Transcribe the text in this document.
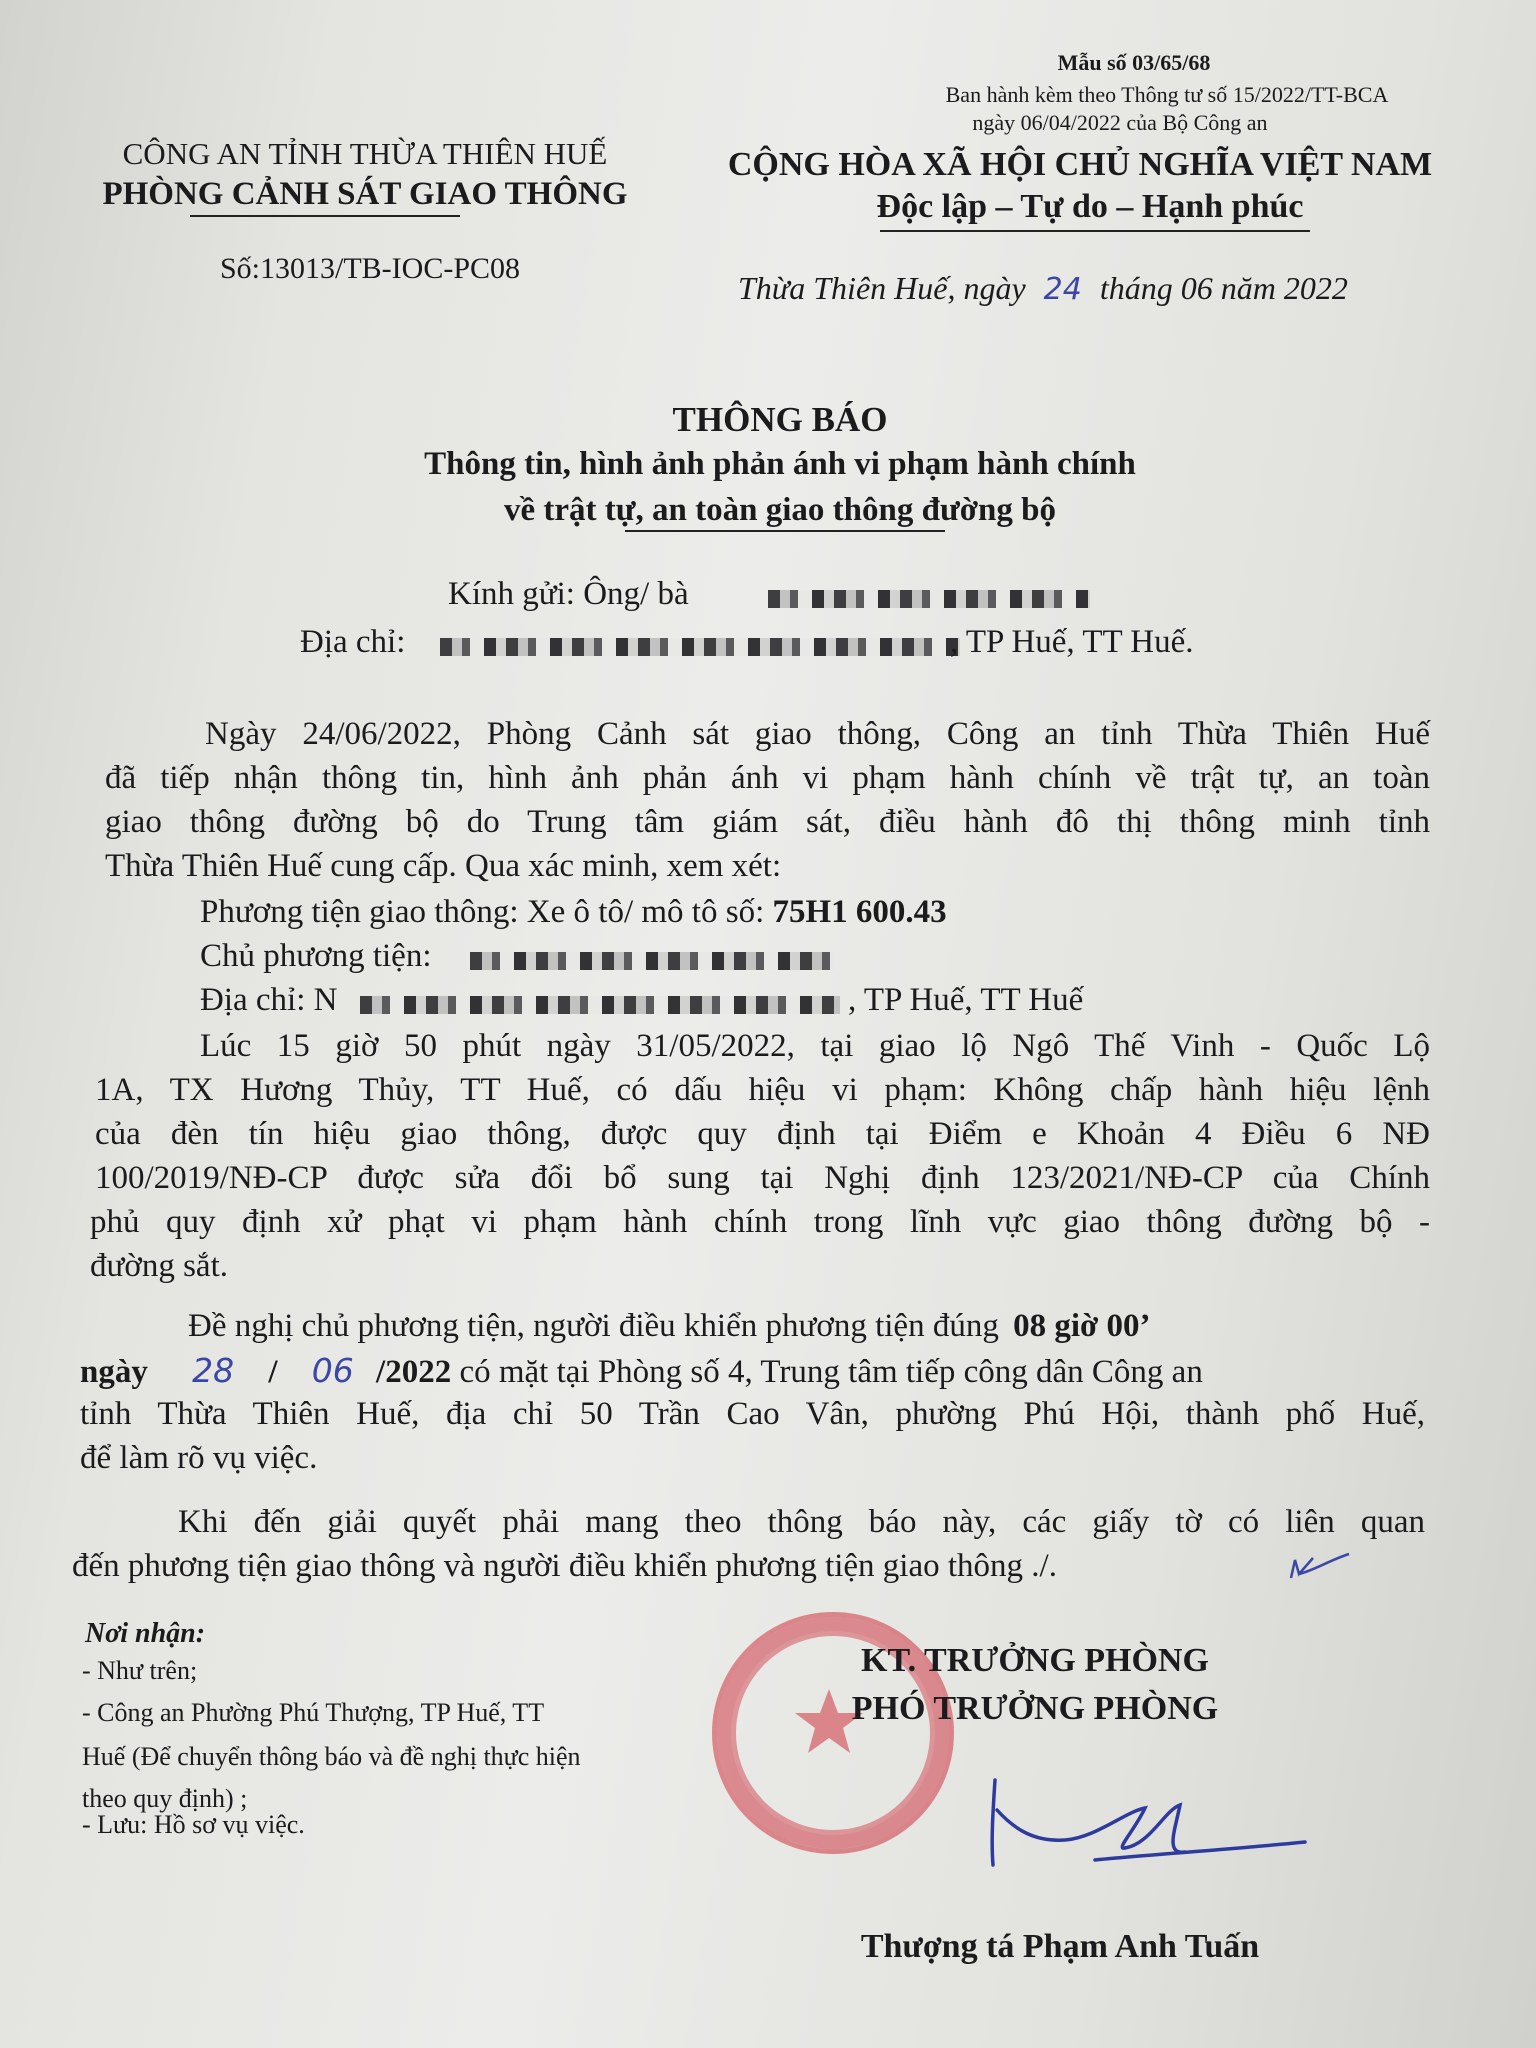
Mẫu số 03/65/68
Ban hành kèm theo Thông tư số 15/2022/TT-BCA
ngày 06/04/2022 của Bộ Công an
CÔNG AN TỈNH THỪA THIÊN HUẾ
PHÒNG CẢNH SÁT GIAO THÔNG
Số:13013/TB-IOC-PC08
CỘNG HÒA XÃ HỘI CHỦ NGHĨA VIỆT NAM
Độc lập – Tự do – Hạnh phúc
Thừa Thiên Huế, ngày 24 tháng 06 năm 2022
THÔNG BÁO
Thông tin, hình ảnh phản ánh vi phạm hành chính
về trật tự, an toàn giao thông đường bộ
Kính gửi: Ông/ bà
Địa chỉ:	, TP Huế, TT Huế.
Ngày 24/06/2022, Phòng Cảnh sát giao thông, Công an tỉnh Thừa Thiên Huế
đã tiếp nhận thông tin, hình ảnh phản ánh vi phạm hành chính về trật tự, an toàn
giao thông đường bộ do Trung tâm giám sát, điều hành đô thị thông minh tỉnh
Thừa Thiên Huế cung cấp. Qua xác minh, xem xét:
Phương tiện giao thông: Xe ô tô/ mô tô số: 75H1 600.43
Chủ phương tiện:
Địa chỉ: N	, TP Huế, TT Huế
Lúc 15 giờ 50 phút ngày 31/05/2022, tại giao lộ Ngô Thế Vinh - Quốc Lộ
1A, TX Hương Thủy, TT Huế, có dấu hiệu vi phạm: Không chấp hành hiệu lệnh
của đèn tín hiệu giao thông, được quy định tại Điểm e Khoản 4 Điều 6 NĐ
100/2019/NĐ-CP được sửa đổi bổ sung tại Nghị định 123/2021/NĐ-CP của Chính
phủ quy định xử phạt vi phạm hành chính trong lĩnh vực giao thông đường bộ -
đường sắt.
Đề nghị chủ phương tiện, người điều khiển phương tiện đúng 08 giờ 00’
ngày 28 / 06 /2022 có mặt tại Phòng số 4, Trung tâm tiếp công dân Công an
tỉnh Thừa Thiên Huế, địa chỉ 50 Trần Cao Vân, phường Phú Hội, thành phố Huế,
để làm rõ vụ việc.
Khi đến giải quyết phải mang theo thông báo này, các giấy tờ có liên quan
đến phương tiện giao thông và người điều khiển phương tiện giao thông ./.
Nơi nhận:
- Như trên;
- Công an Phường Phú Thượng, TP Huế, TT
Huế (Để chuyển thông báo và đề nghị thực hiện
theo quy định) ;
- Lưu: Hồ sơ vụ việc.
KT. TRƯỞNG PHÒNG
PHÓ TRƯỞNG PHÒNG
Thượng tá Phạm Anh Tuấn
